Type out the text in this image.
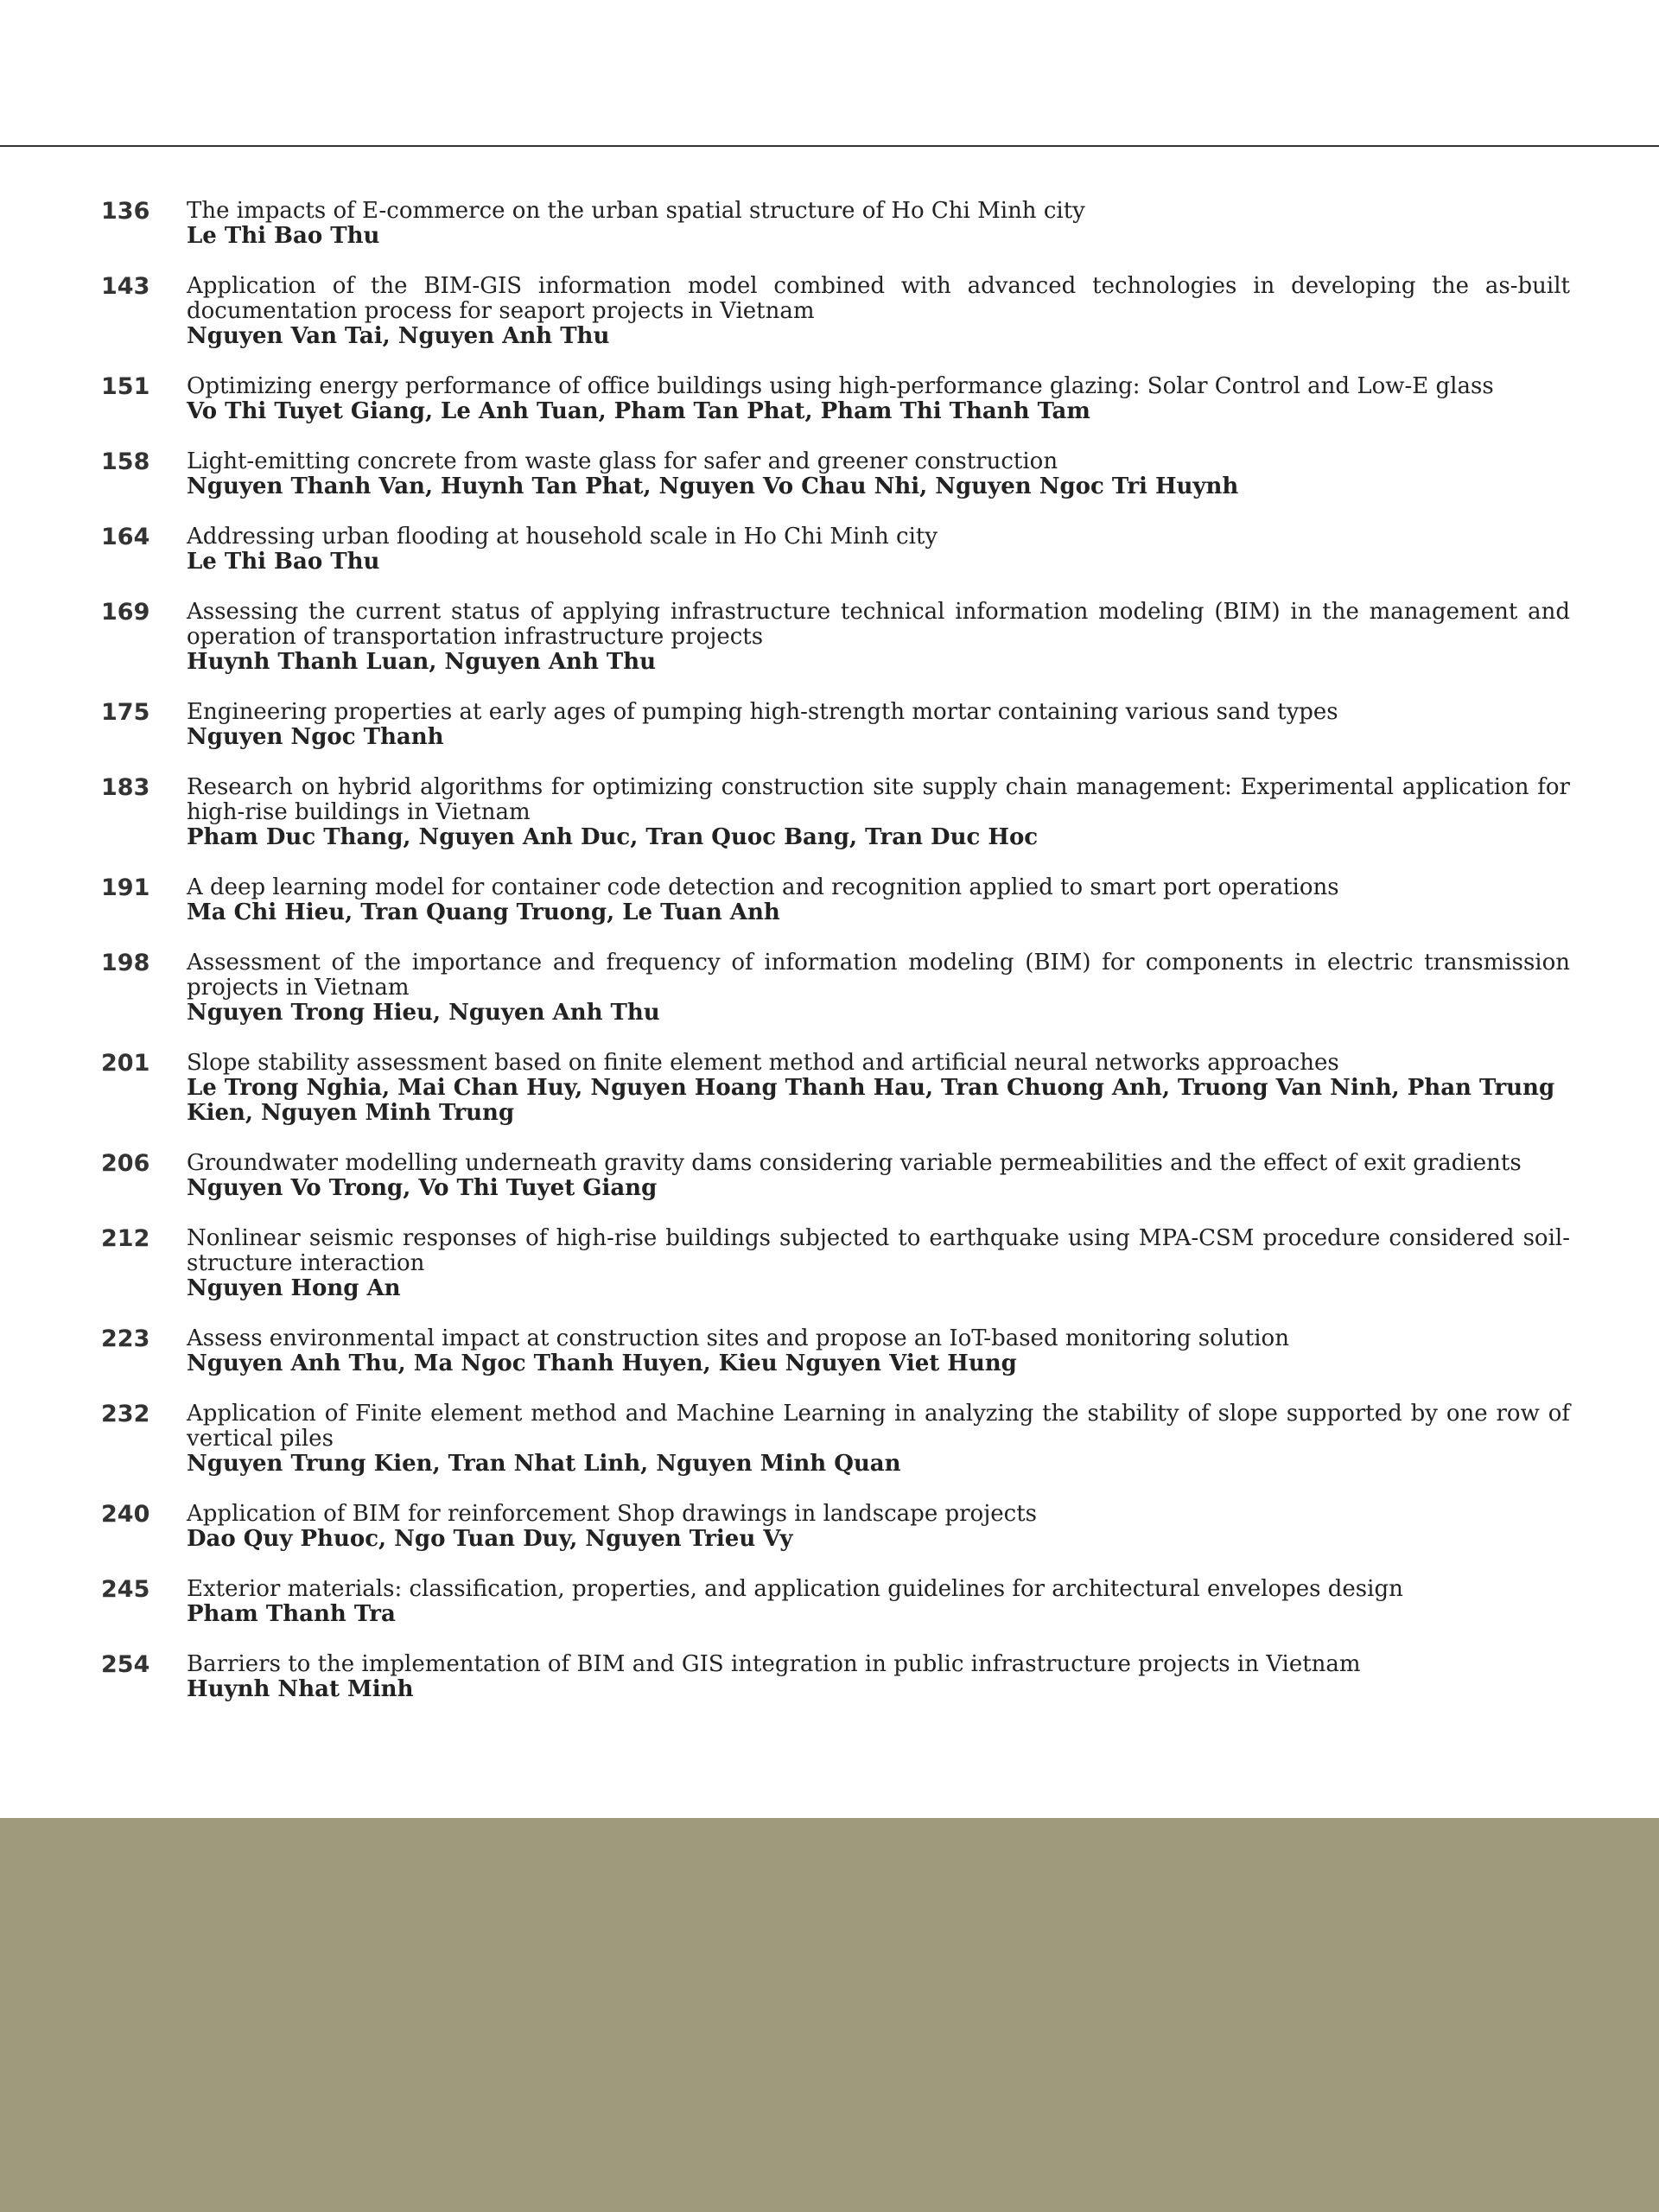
136	The impacts of E-commerce on the urban spatial structure of Ho Chi Minh city
Le Thi Bao Thu
143	Application of the BIM-GIS information model combined with advanced technologies in developing the as-built documentation process for seaport projects in Vietnam
Nguyen Van Tai, Nguyen Anh Thu
151	Optimizing energy performance of office buildings using high-performance glazing: Solar Control and Low-E glass
Vo Thi Tuyet Giang, Le Anh Tuan, Pham Tan Phat, Pham Thi Thanh Tam
158	Light-emitting concrete from waste glass for safer and greener construction
Nguyen Thanh Van, Huynh Tan Phat, Nguyen Vo Chau Nhi, Nguyen Ngoc Tri Huynh
164	Addressing urban flooding at household scale in Ho Chi Minh city
Le Thi Bao Thu
169	Assessing the current status of applying infrastructure technical information modeling (BIM) in the management and operation of transportation infrastructure projects
Huynh Thanh Luan, Nguyen Anh Thu
175	Engineering properties at early ages of pumping high-strength mortar containing various sand types
Nguyen Ngoc Thanh
183	Research on hybrid algorithms for optimizing construction site supply chain management: Experimental application for high-rise buildings in Vietnam
Pham Duc Thang, Nguyen Anh Duc, Tran Quoc Bang, Tran Duc Hoc
191	A deep learning model for container code detection and recognition applied to smart port operations
Ma Chi Hieu, Tran Quang Truong, Le Tuan Anh
198	Assessment of the importance and frequency of information modeling (BIM) for components in electric transmission projects in Vietnam
Nguyen Trong Hieu, Nguyen Anh Thu
201	Slope stability assessment based on finite element method and artificial neural networks approaches
Le Trong Nghia, Mai Chan Huy, Nguyen Hoang Thanh Hau, Tran Chuong Anh, Truong Van Ninh, Phan Trung Kien, Nguyen Minh Trung
206	Groundwater modelling underneath gravity dams considering variable permeabilities and the effect of exit gradients
Nguyen Vo Trong, Vo Thi Tuyet Giang
212	Nonlinear seismic responses of high-rise buildings subjected to earthquake using MPA-CSM procedure considered soil-structure interaction
Nguyen Hong An
223	Assess environmental impact at construction sites and propose an IoT-based monitoring solution
Nguyen Anh Thu, Ma Ngoc Thanh Huyen, Kieu Nguyen Viet Hung
232	Application of Finite element method and Machine Learning in analyzing the stability of slope supported by one row of vertical piles
Nguyen Trung Kien, Tran Nhat Linh, Nguyen Minh Quan
240	Application of BIM for reinforcement Shop drawings in landscape projects
Dao Quy Phuoc, Ngo Tuan Duy, Nguyen Trieu Vy
245	Exterior materials: classification, properties, and application guidelines for architectural envelopes design
Pham Thanh Tra
254	Barriers to the implementation of BIM and GIS integration in public infrastructure projects in Vietnam
Huynh Nhat Minh
